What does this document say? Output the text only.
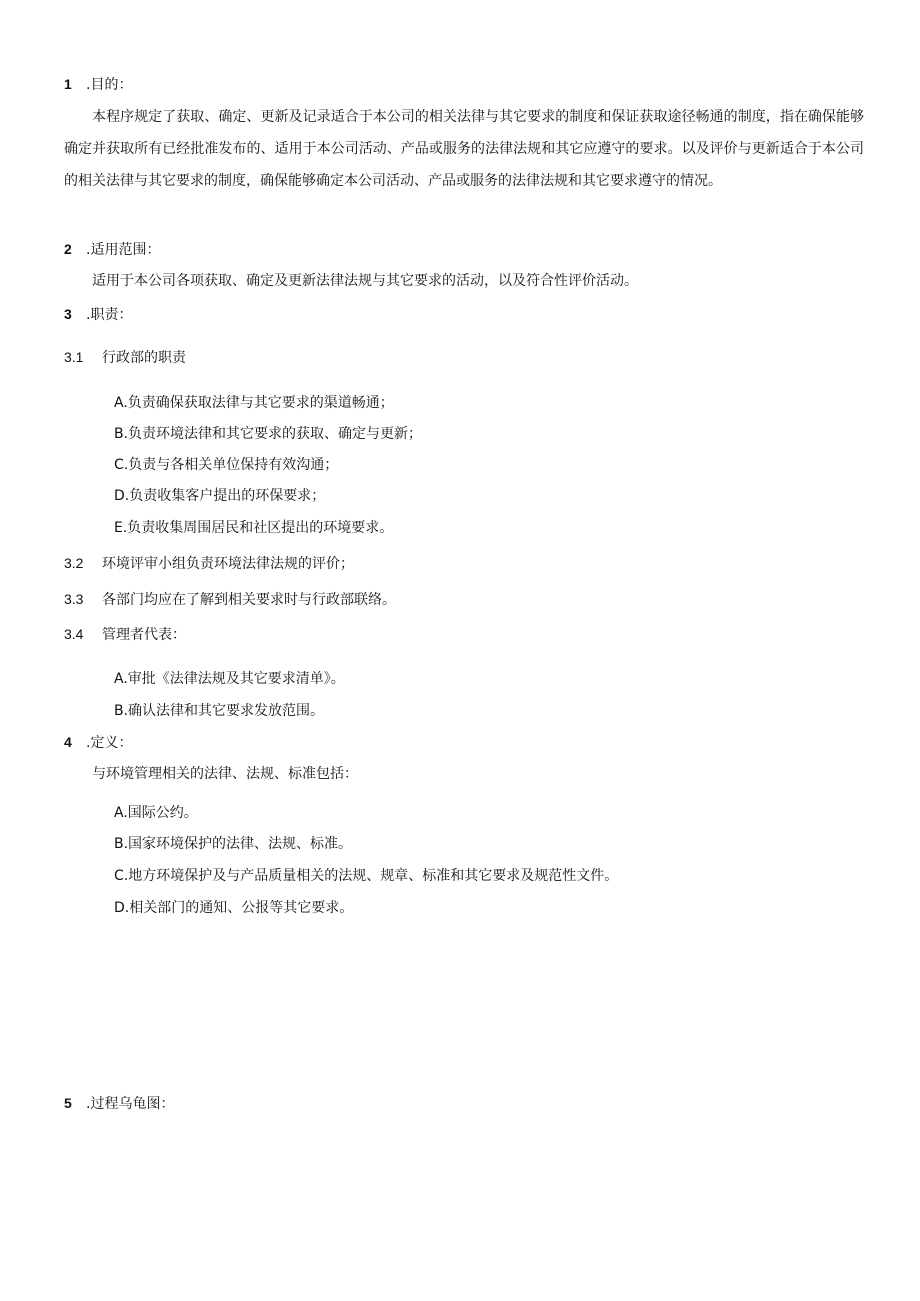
1 .目的：
本程序规定了获取、确定、更新及记录适合于本公司的相关法律与其它要求的制度和保证获取途径畅通的制度，指在确保能够确定并获取所有已经批准发布的、适用于本公司活动、产品或服务的法律法规和其它应遵守的要求。以及评价与更新适合于本公司的相关法律与其它要求的制度，确保能够确定本公司活动、产品或服务的法律法规和其它要求遵守的情况。
2 .适用范围：
适用于本公司各项获取、确定及更新法律法规与其它要求的活动，以及符合性评价活动。
3 .职责：
3.1 行政部的职责
A.负责确保获取法律与其它要求的渠道畅通；
B.负责环境法律和其它要求的获取、确定与更新；
C.负责与各相关单位保持有效沟通；
D.负责收集客户提出的环保要求；
E.负责收集周围居民和社区提出的环境要求。
3.2 环境评审小组负责环境法律法规的评价；
3.3 各部门均应在了解到相关要求时与行政部联络。
3.4 管理者代表：
A.审批《法律法规及其它要求清单》。
B.确认法律和其它要求发放范围。
4 .定义：
与环境管理相关的法律、法规、标准包括：
A.国际公约。
B.国家环境保护的法律、法规、标准。
C.地方环境保护及与产品质量相关的法规、规章、标准和其它要求及规范性文件。
D.相关部门的通知、公报等其它要求。
5 .过程乌龟图：
